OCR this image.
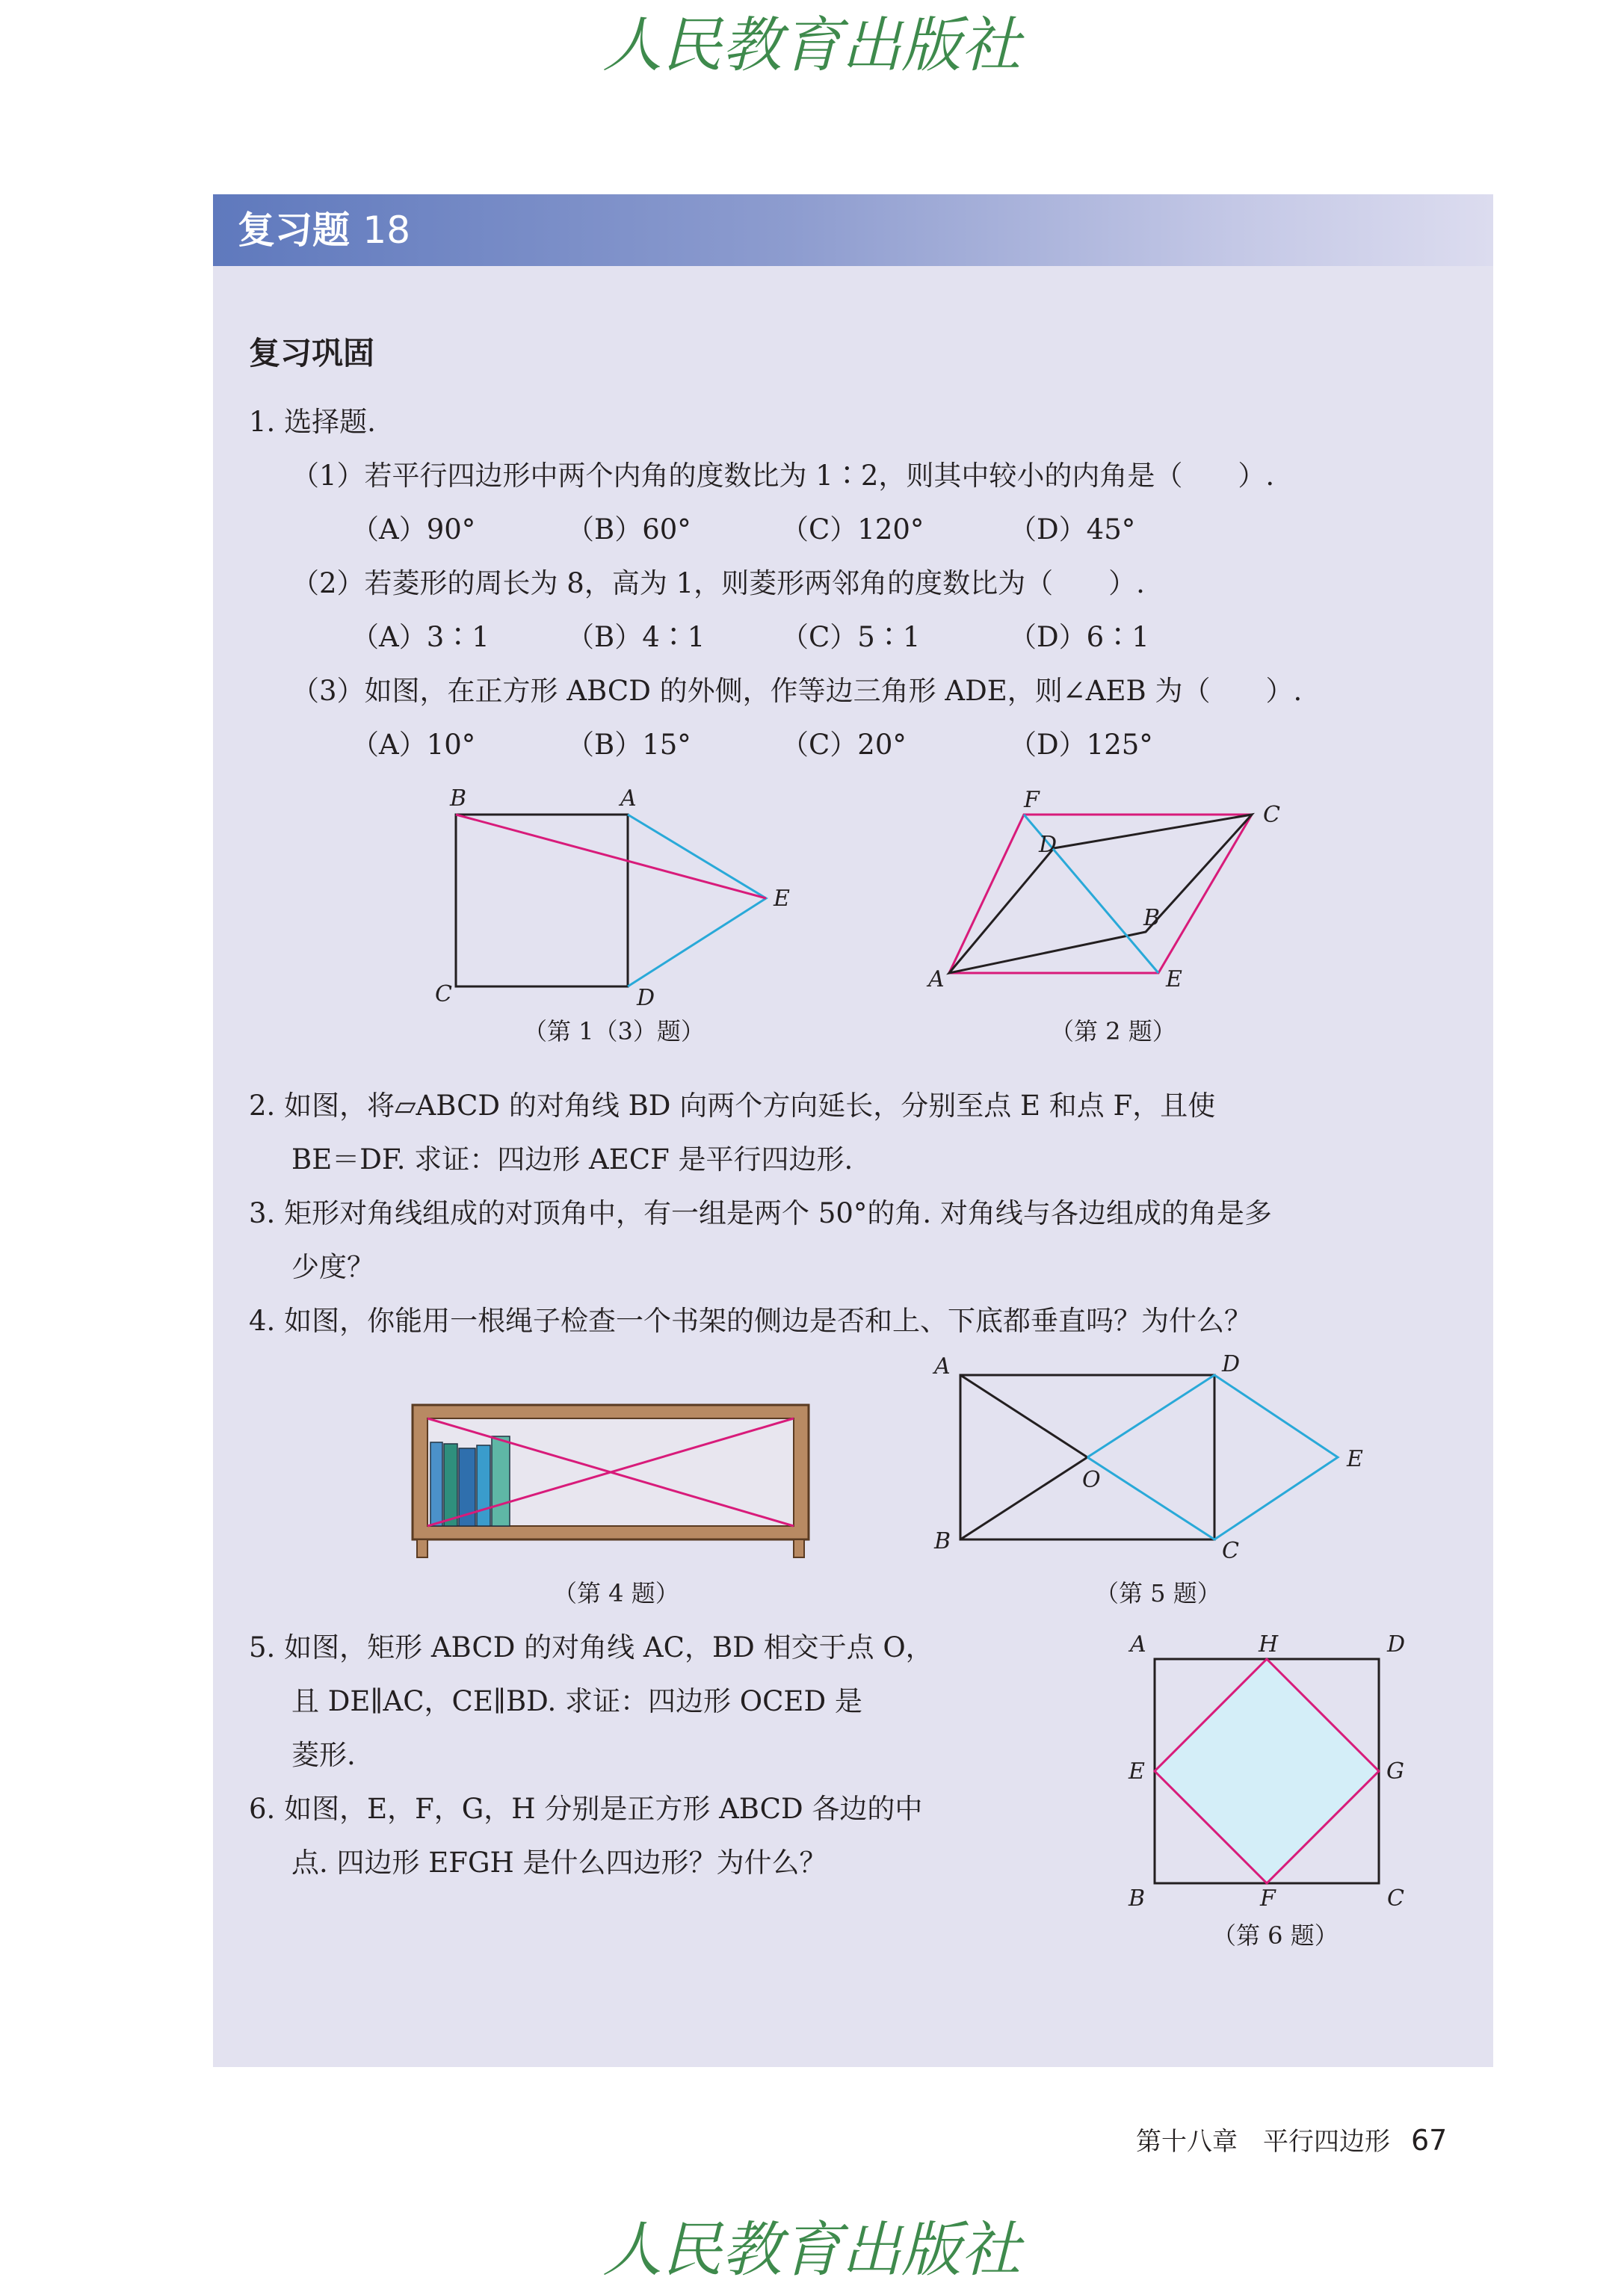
人民教育出版社
复习题 18
复习巩固

1. 选择题.

（1）若平行四边形中两个内角的度数比为 1∶2，则其中较小的内角是（　　）.

（A）90°	（B）60°	（C）120°	（D）45°

（2）若菱形的周长为 8，高为 1，则菱形两邻角的度数比为（　　）.

（A）3∶1	（B）4∶1	（C）5∶1	（D）6∶1

（3）如图，在正方形 ABCD 的外侧，作等边三角形 ADE，则∠AEB 为（　　）.

（A）10°	（B）15°	（C）20°	（D）125°

B	A
E
C	D
（第 1（3）题）
F
C
D
B
A	E
（第 2 题）

2. 如图，将▱ABCD 的对角线 BD 向两个方向延长，分别至点 E 和点 F，且使

BE＝DF. 求证：四边形 AECF 是平行四边形.

3. 矩形对角线组成的对顶角中，有一组是两个 50°的角. 对角线与各边组成的角是多

少度？

4. 如图，你能用一根绳子检查一个书架的侧边是否和上、下底都垂直吗？为什么？

（第 4 题）
A	D
E
O
B	C
（第 5 题）

5. 如图，矩形 ABCD 的对角线 AC，BD 相交于点 O，

且 DE∥AC，CE∥BD. 求证：四边形 OCED 是

菱形.

6. 如图，E，F，G，H 分别是正方形 ABCD 各边的中

点. 四边形 EFGH 是什么四边形？为什么？

A	H	D
E	G
B	F	C
（第 6 题）
第十八章　平行四边形 67
人民教育出版社
